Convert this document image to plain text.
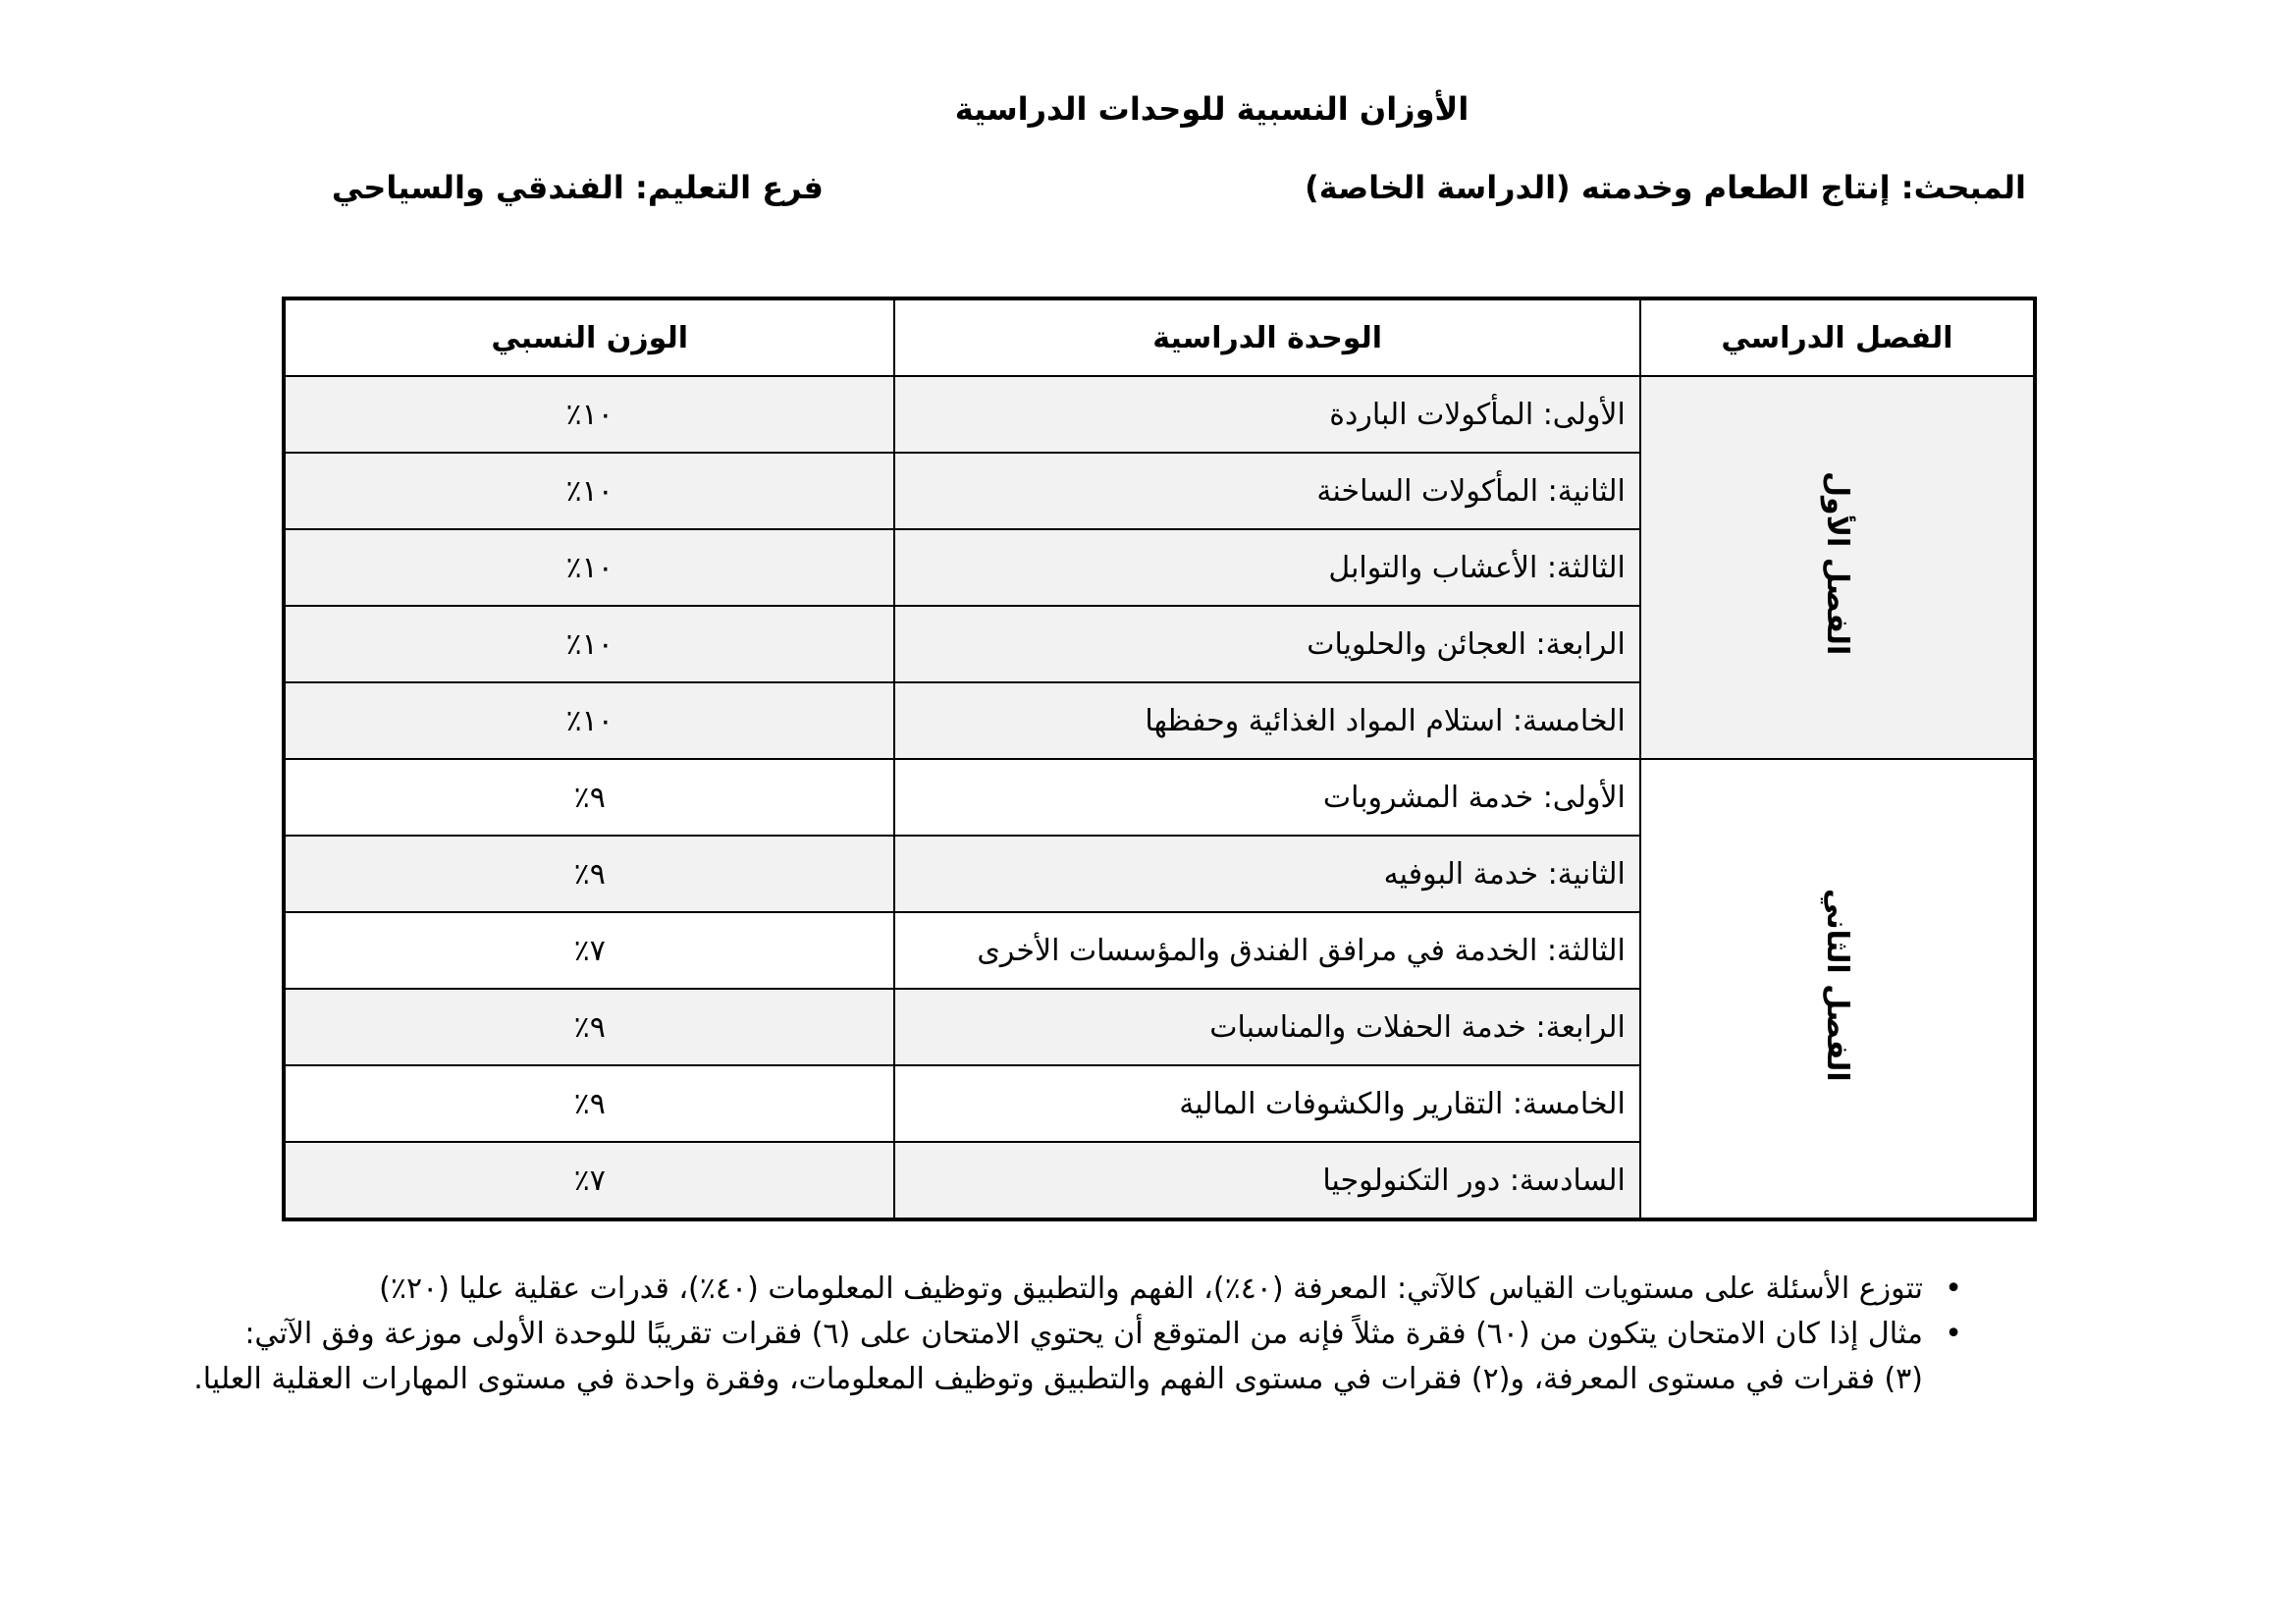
الأوزان النسبية للوحدات الدراسية
المبحث: إنتاج الطعام وخدمته (الدراسة الخاصة)
فرع التعليم: الفندقي والسياحي
الفصل الدراسي	الوحدة الدراسية	الوزن النسبي
الفصل الأول	الأولى: المأكولات الباردة	١٠٪
	الثانية: المأكولات الساخنة	١٠٪
	الثالثة: الأعشاب والتوابل	١٠٪
	الرابعة: العجائن والحلويات	١٠٪
	الخامسة: استلام المواد الغذائية وحفظها	١٠٪
الفصل الثاني	الأولى: خدمة المشروبات	٩٪
	الثانية: خدمة البوفيه	٩٪
	الثالثة: الخدمة في مرافق الفندق والمؤسسات الأخرى	٧٪
	الرابعة: خدمة الحفلات والمناسبات	٩٪
	الخامسة: التقارير والكشوفات المالية	٩٪
	السادسة: دور التكنولوجيا	٧٪
•
تتوزع الأسئلة على مستويات القياس كالآتي: المعرفة (٤٠٪)، الفهم والتطبيق وتوظيف المعلومات (٤٠٪)، قدرات عقلية عليا (٢٠٪)
•
مثال إذا كان الامتحان يتكون من (٦٠) فقرة مثلاً فإنه من المتوقع أن يحتوي الامتحان على (٦) فقرات تقريبًا للوحدة الأولى موزعة وفق الآتي:
(٣) فقرات في مستوى المعرفة، و(٢) فقرات في مستوى الفهم والتطبيق وتوظيف المعلومات، وفقرة واحدة في مستوى المهارات العقلية العليا.
